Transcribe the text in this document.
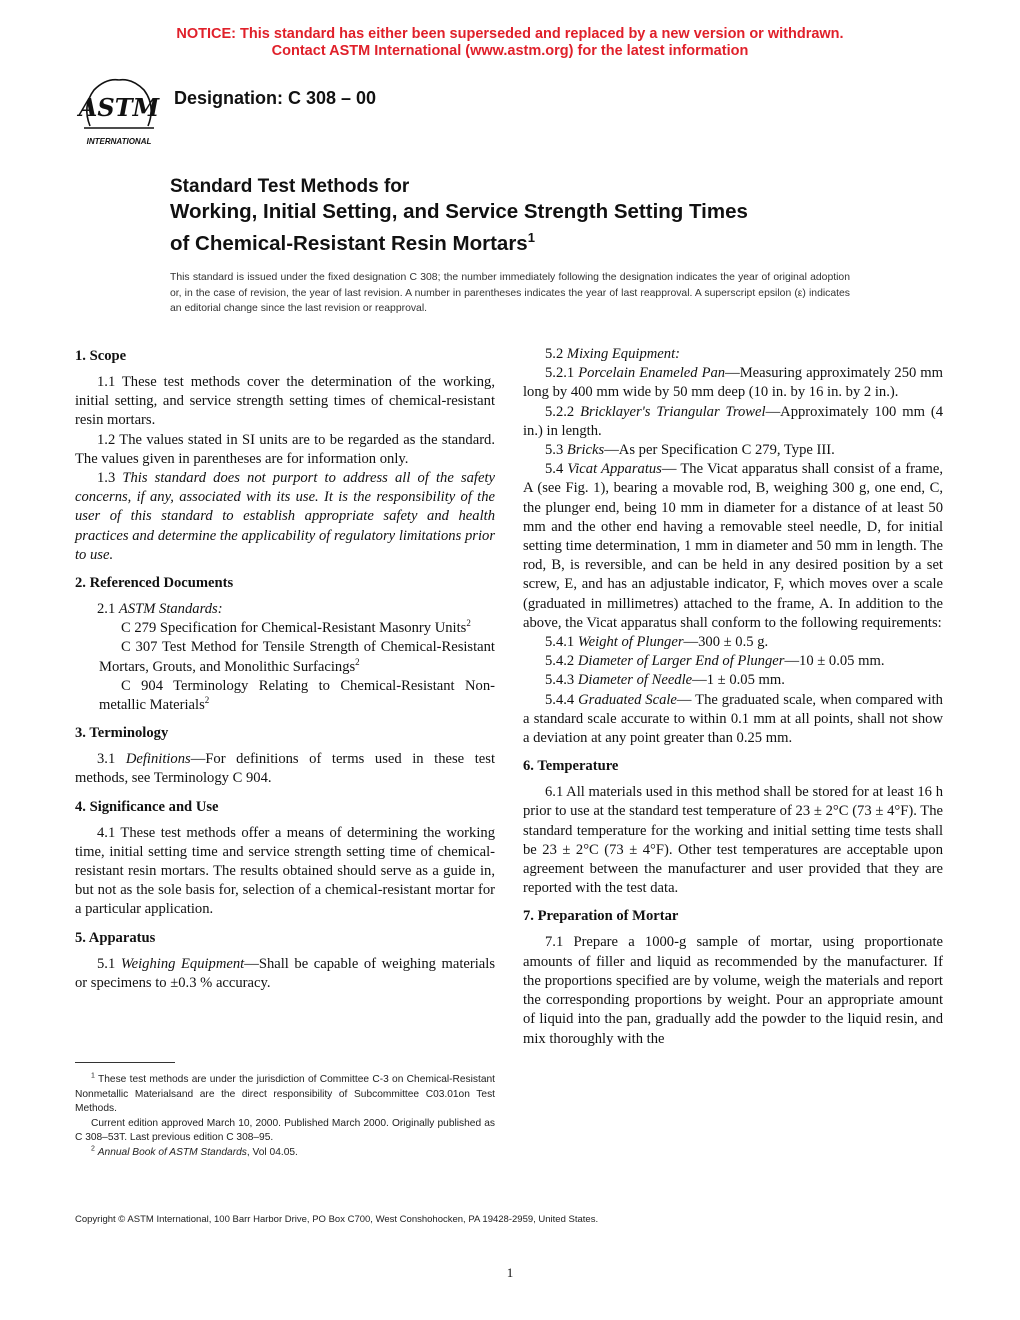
NOTICE: This standard has either been superseded and replaced by a new version or withdrawn.
Contact ASTM International (www.astm.org) for the latest information
ASTM
INTERNATIONAL
Designation: C 308 – 00
Standard Test Methods for
Working, Initial Setting, and Service Strength Setting Times
of Chemical-Resistant Resin Mortars$^1$
This standard is issued under the fixed designation C 308; the number immediately following the designation indicates the year of original adoption or, in the case of revision, the year of last revision. A number in parentheses indicates the year of last reapproval. A superscript epsilon (ε) indicates an editorial change since the last revision or reapproval.
1. Scope

1.1 These test methods cover the determination of the working, initial setting, and service strength setting times of chemical-resistant resin mortars.

1.2 The values stated in SI units are to be regarded as the standard. The values given in parentheses are for information only.

1.3 This standard does not purport to address all of the safety concerns, if any, associated with its use. It is the responsibility of the user of this standard to establish appropriate safety and health practices and determine the applicability of regulatory limitations prior to use.

2. Referenced Documents

2.1 ASTM Standards:

C 279 Specification for Chemical-Resistant Masonry Units$^2$

C 307 Test Method for Tensile Strength of Chemical-Resistant Mortars, Grouts, and Monolithic Surfacings$^2$

C 904 Terminology Relating to Chemical-Resistant Non-metallic Materials$^2$

3. Terminology

3.1 Definitions—For definitions of terms used in these test methods, see Terminology C 904.

4. Significance and Use

4.1 These test methods offer a means of determining the working time, initial setting time and service strength setting time of chemical-resistant resin mortars. The results obtained should serve as a guide in, but not as the sole basis for, selection of a chemical-resistant mortar for a particular application.

5. Apparatus

5.1 Weighing Equipment—Shall be capable of weighing materials or specimens to ±0.3 % accuracy.

$^1$ These test methods are under the jurisdiction of Committee C-3 on Chemical-Resistant Nonmetallic Materialsand are the direct responsibility of Subcommittee C03.01on Test Methods.

Current edition approved March 10, 2000. Published March 2000. Originally published as C 308–53T. Last previous edition C 308–95.

$^2$ Annual Book of ASTM Standards, Vol 04.05.

5.2 Mixing Equipment:

5.2.1 Porcelain Enameled Pan—Measuring approximately 250 mm long by 400 mm wide by 50 mm deep (10 in. by 16 in. by 2 in.).

5.2.2 Bricklayer's Triangular Trowel—Approximately 100 mm (4 in.) in length.

5.3 Bricks—As per Specification C 279, Type III.

5.4 Vicat Apparatus— The Vicat apparatus shall consist of a frame, A (see Fig. 1), bearing a movable rod, B, weighing 300 g, one end, C, the plunger end, being 10 mm in diameter for a distance of at least 50 mm and the other end having a removable steel needle, D, for initial setting time determination, 1 mm in diameter and 50 mm in length. The rod, B, is reversible, and can be held in any desired position by a set screw, E, and has an adjustable indicator, F, which moves over a scale (graduated in millimetres) attached to the frame, A. In addition to the above, the Vicat apparatus shall conform to the following requirements:

5.4.1 Weight of Plunger—300 ± 0.5 g.

5.4.2 Diameter of Larger End of Plunger—10 ± 0.05 mm.

5.4.3 Diameter of Needle—1 ± 0.05 mm.

5.4.4 Graduated Scale— The graduated scale, when compared with a standard scale accurate to within 0.1 mm at all points, shall not show a deviation at any point greater than 0.25 mm.

6. Temperature

6.1 All materials used in this method shall be stored for at least 16 h prior to use at the standard test temperature of 23 ± 2°C (73 ± 4°F). The standard temperature for the working and initial setting time tests shall be 23 ± 2°C (73 ± 4°F). Other test temperatures are acceptable upon agreement between the manufacturer and user provided that they are reported with the test data.

7. Preparation of Mortar

7.1 Prepare a 1000-g sample of mortar, using proportionate amounts of filler and liquid as recommended by the manufacturer. If the proportions specified are by volume, weigh the materials and report the corresponding proportions by weight. Pour an appropriate amount of liquid into the pan, gradually add the powder to the liquid resin, and mix thoroughly with the

Copyright © ASTM International, 100 Barr Harbor Drive, PO Box C700, West Conshohocken, PA 19428-2959, United States.
1
